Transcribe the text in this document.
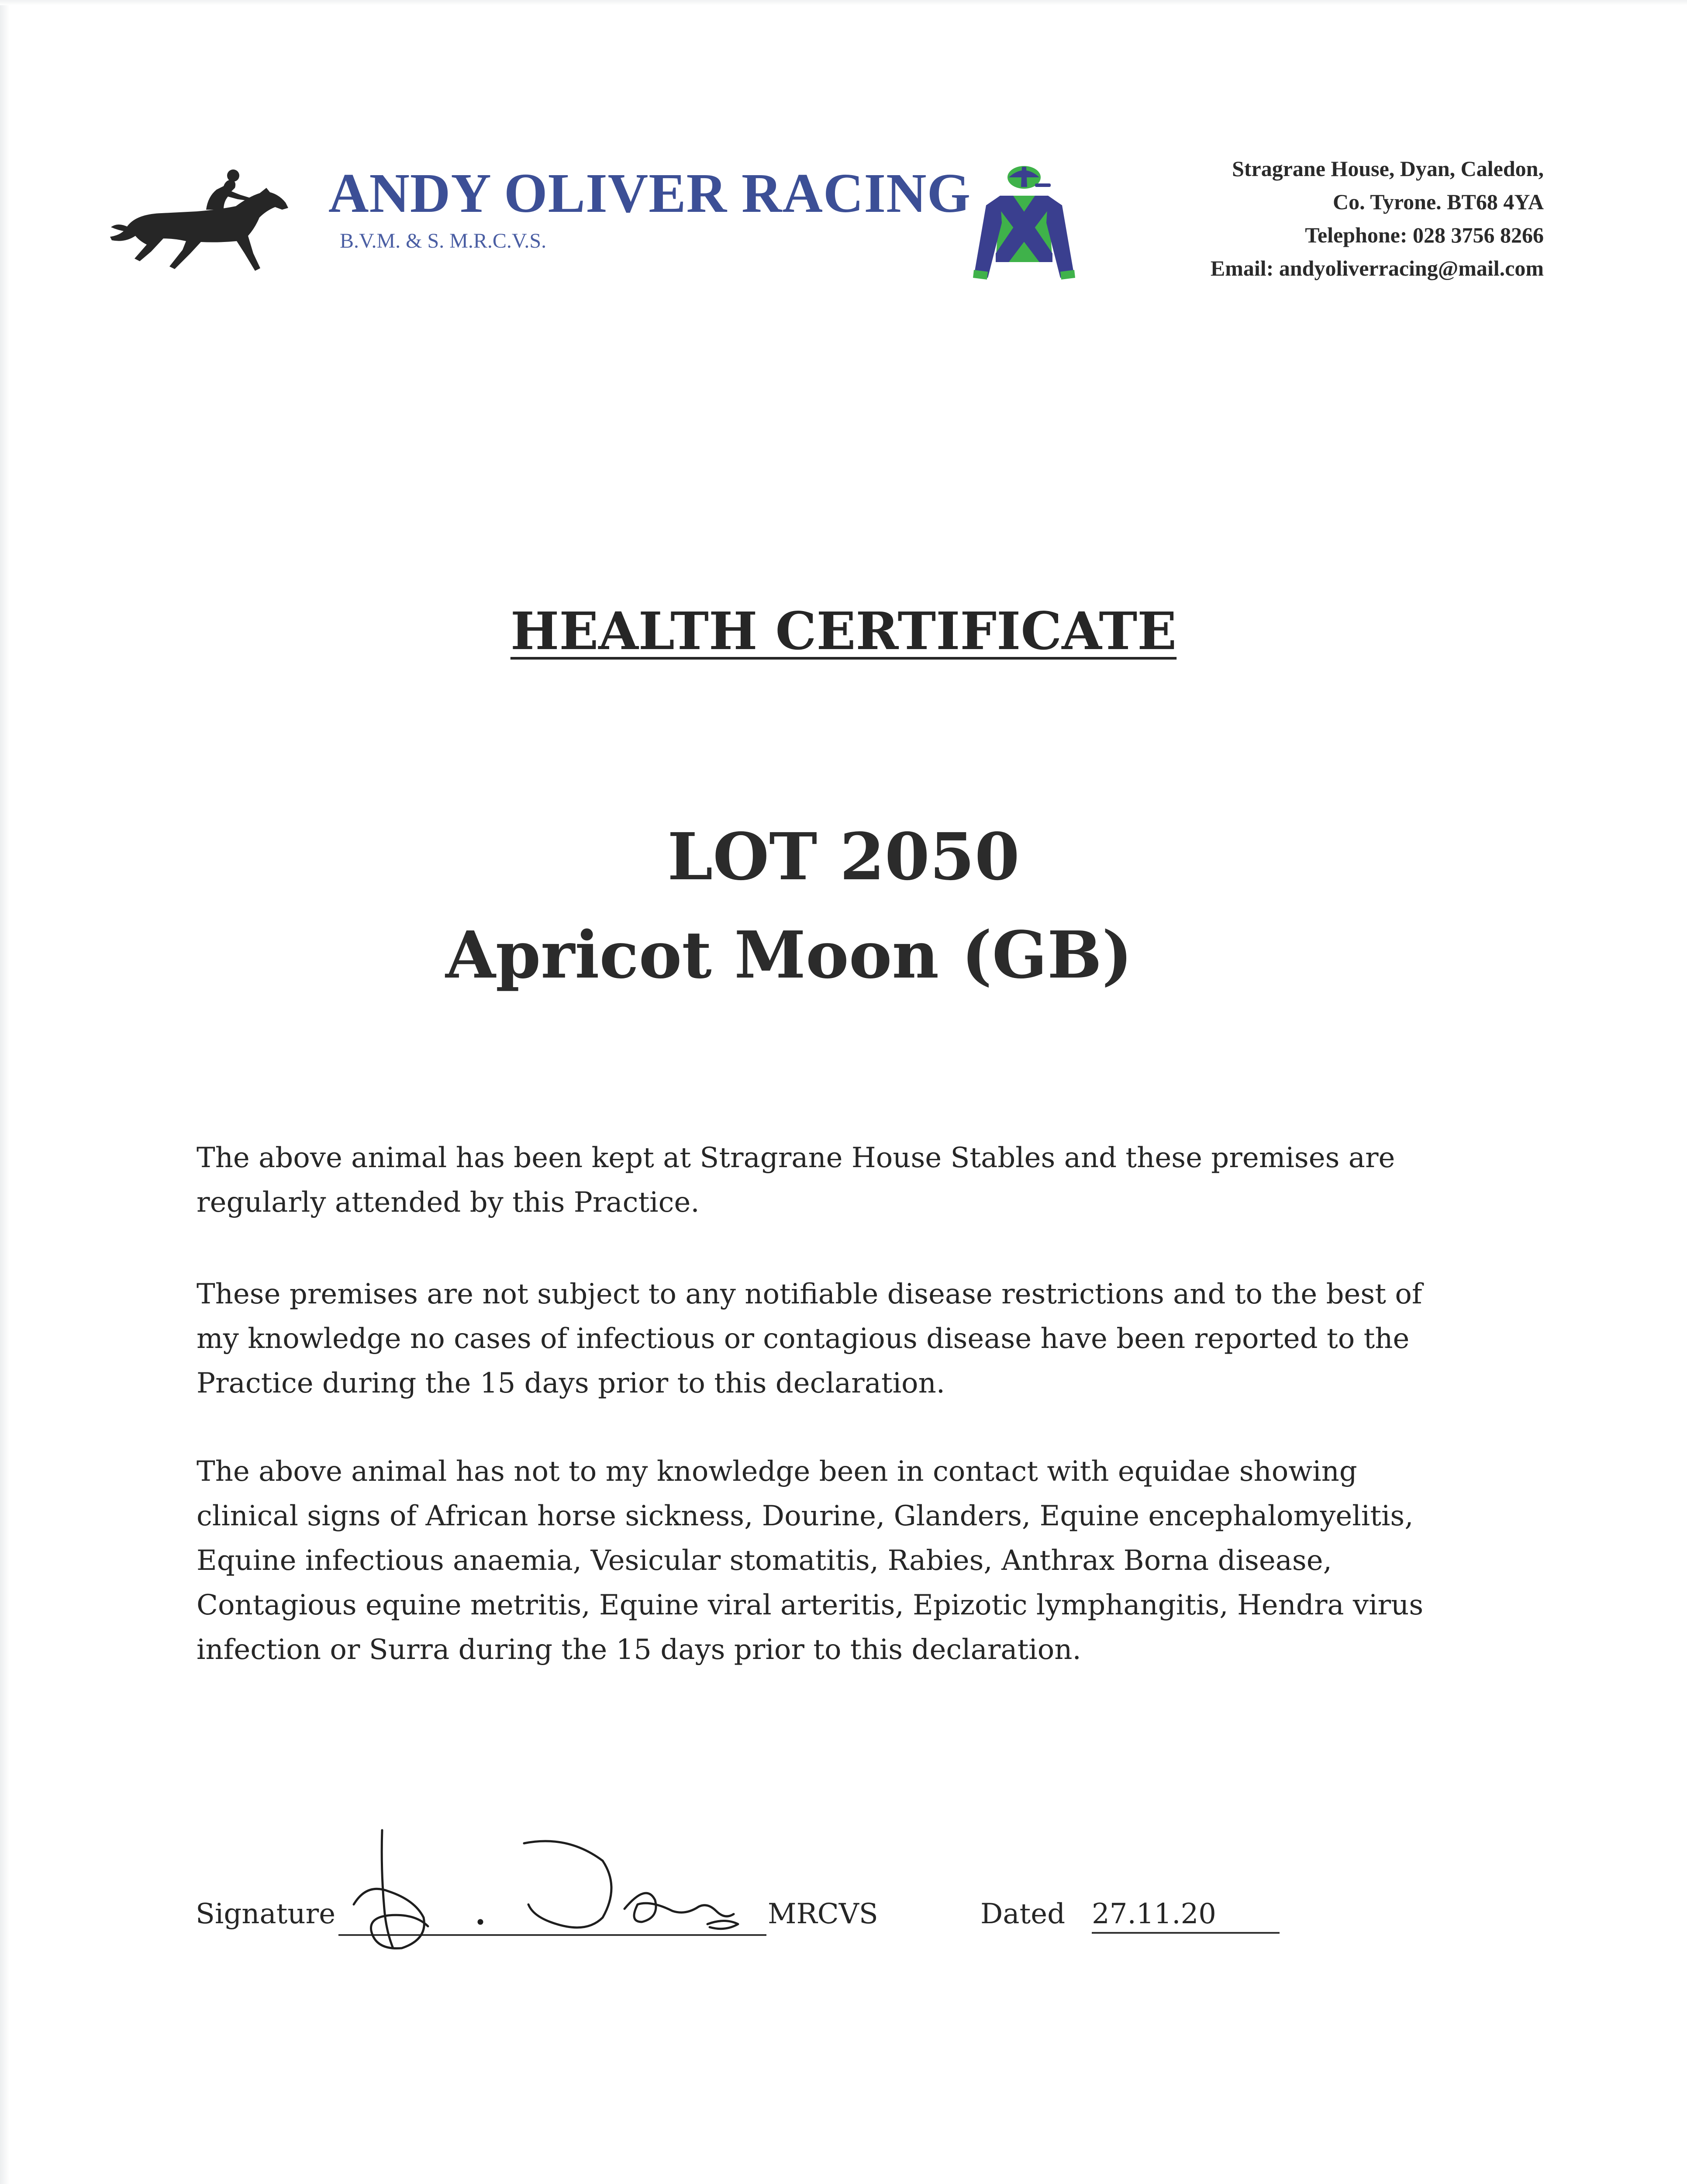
ANDY OLIVER RACING
B.V.M. & S. M.R.C.V.S.
Stragrane House, Dyan, Caledon,
Co. Tyrone. BT68 4YA
Telephone: 028 3756 8266
Email: andyoliverracing@mail.com
HEALTH CERTIFICATE
LOT 2050
Apricot Moon (GB)
The above animal has been kept at Stragrane House Stables and these premises are
regularly attended by this Practice.
These premises are not subject to any notifiable disease restrictions and to the best of
my knowledge no cases of infectious or contagious disease have been reported to the
Practice during the 15 days prior to this declaration.
The above animal has not to my knowledge been in contact with equidae showing
clinical signs of African horse sickness, Dourine, Glanders, Equine encephalomyelitis,
Equine infectious anaemia, Vesicular stomatitis, Rabies, Anthrax Borna disease,
Contagious equine metritis, Equine viral arteritis, Epizotic lymphangitis, Hendra virus
infection or Surra during the 15 days prior to this declaration.
Signature	MRCVS	Dated 27.11.20
